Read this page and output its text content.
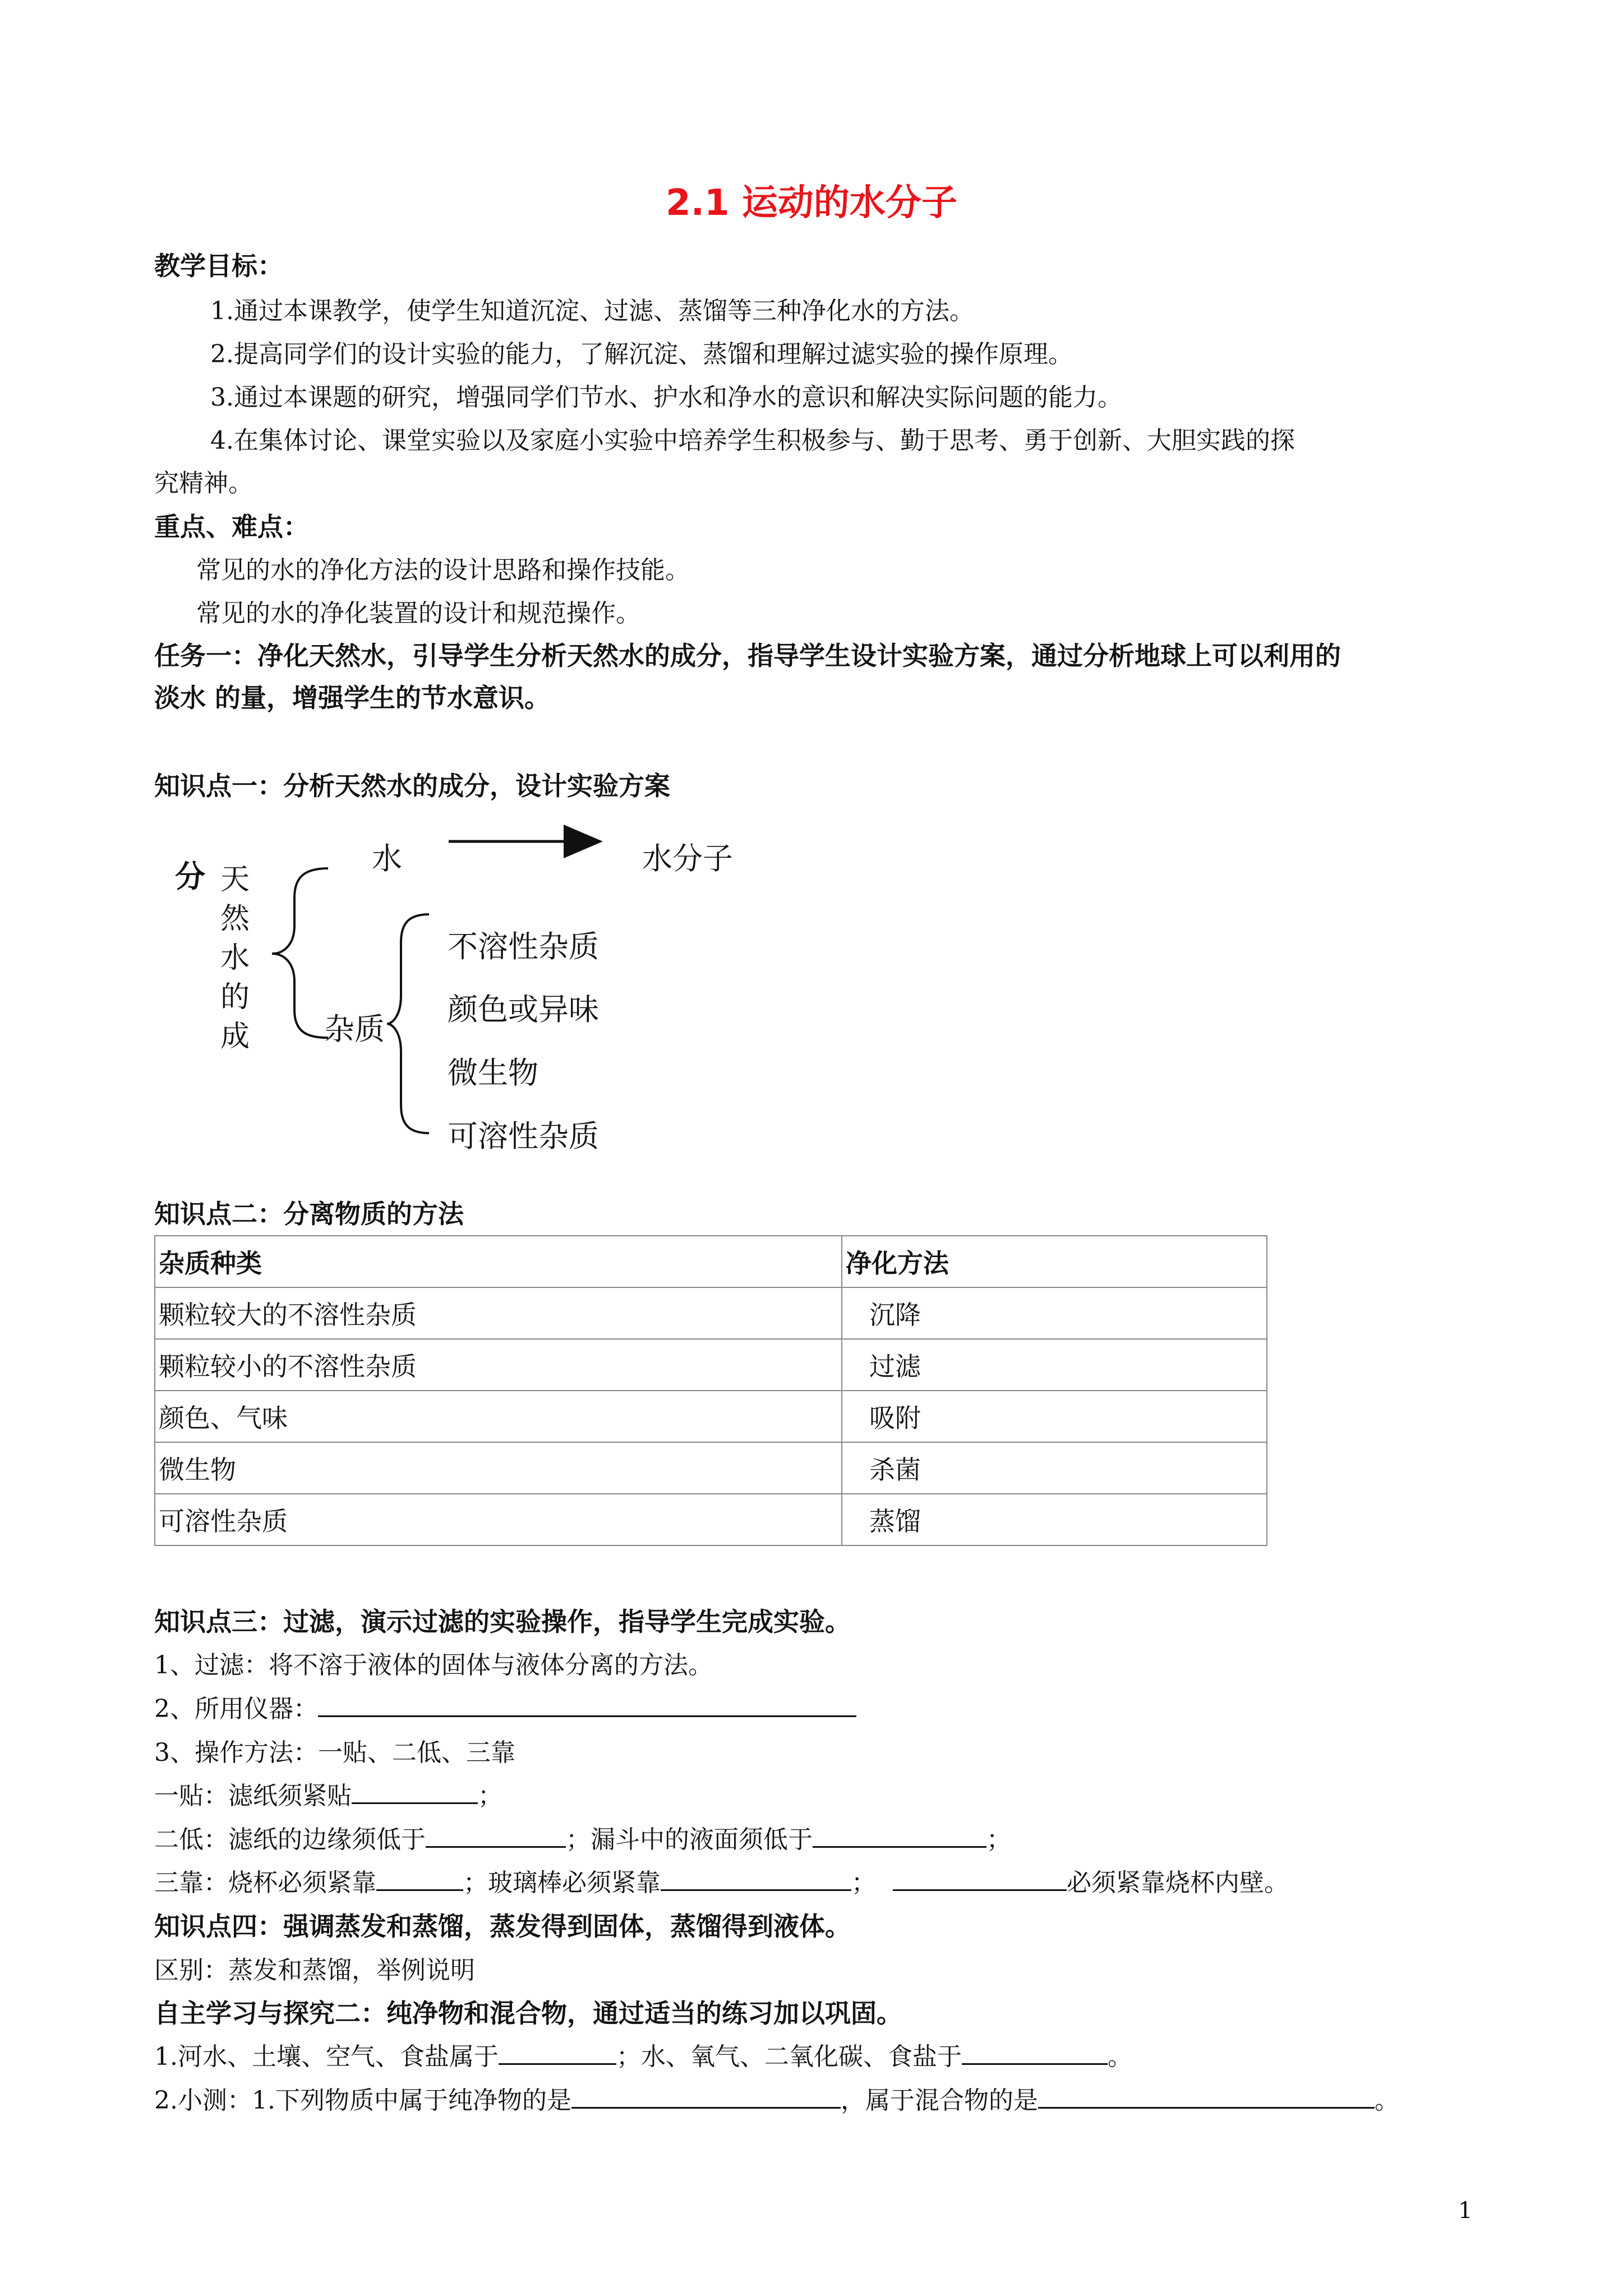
2.1 运动的水分子
教学目标：
1.通过本课教学，使学生知道沉淀、过滤、蒸馏等三种净化水的方法。
2.提高同学们的设计实验的能力，了解沉淀、蒸馏和理解过滤实验的操作原理。
3.通过本课题的研究，增强同学们节水、护水和净水的意识和解决实际问题的能力。
4.在集体讨论、课堂实验以及家庭小实验中培养学生积极参与、勤于思考、勇于创新、大胆实践的探
究精神。
重点、难点：
常见的水的净化方法的设计思路和操作技能。
常见的水的净化装置的设计和规范操作。
任务一：净化天然水，引导学生分析天然水的成分，指导学生设计实验方案，通过分析地球上可以利用的
淡水 的量，增强学生的节水意识。
知识点一：分析天然水的成分，设计实验方案
分 天
然
水
的
成
水	水分子
杂质
不溶性杂质
颜色或异味
微生物
可溶性杂质
知识点二：分离物质的方法
杂质种类	净化方法
颗粒较大的不溶性杂质	沉降
颗粒较小的不溶性杂质	过滤
颜色、气味	吸附
微生物	杀菌
可溶性杂质	蒸馏
知识点三：过滤，演示过滤的实验操作，指导学生完成实验。
1、过滤：将不溶于液体的固体与液体分离的方法。
2、所用仪器：
3、操作方法：一贴、二低、三靠
一贴：滤纸须紧贴	；
二低：滤纸的边缘须低于	；漏斗中的液面须低于	；
三靠：烧杯必须紧靠	；玻璃棒必须紧靠	；	必须紧靠烧杯内壁。
知识点四：强调蒸发和蒸馏，蒸发得到固体，蒸馏得到液体。
区别：蒸发和蒸馏，举例说明
自主学习与探究二：纯净物和混合物，通过适当的练习加以巩固。
1.河水、土壤、空气、食盐属于	；水、氧气、二氧化碳、食盐于	。
2.小测：1.下列物质中属于纯净物的是	，属于混合物的是	。
1
